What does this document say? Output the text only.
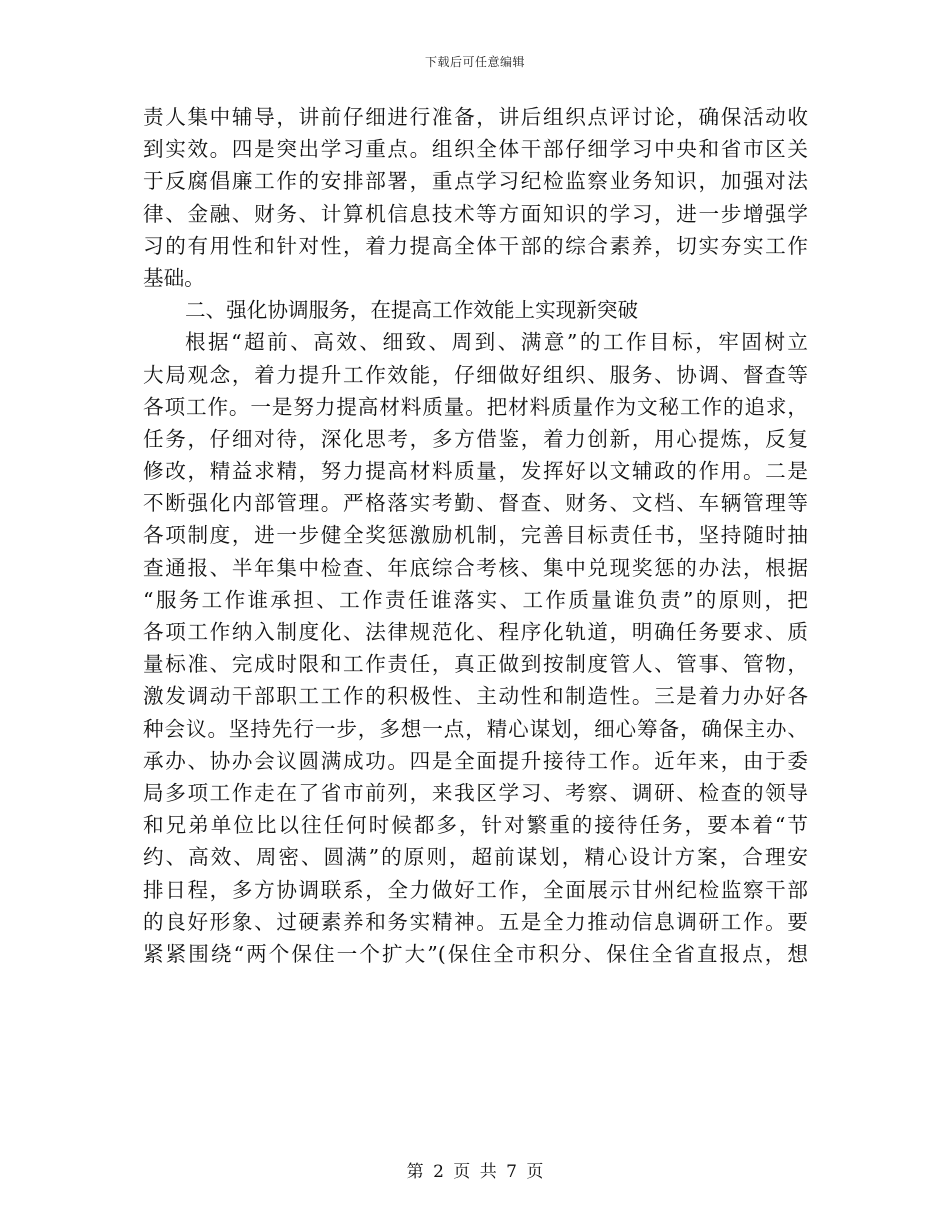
下载后可任意编辑
责人集中辅导，讲前仔细进行准备，讲后组织点评讨论，确保活动收
到实效。四是突出学习重点。组织全体干部仔细学习中央和省市区关
于反腐倡廉工作的安排部署，重点学习纪检监察业务知识，加强对法
律、金融、财务、计算机信息技术等方面知识的学习，进一步增强学
习的有用性和针对性，着力提高全体干部的综合素养，切实夯实工作
基础。
二、强化协调服务，在提高工作效能上实现新突破
根据“超前、高效、细致、周到、满意”的工作目标，牢固树立
大局观念，着力提升工作效能，仔细做好组织、服务、协调、督查等
各项工作。一是努力提高材料质量。把材料质量作为文秘工作的追求，
任务，仔细对待，深化思考，多方借鉴，着力创新，用心提炼，反复
修改，精益求精，努力提高材料质量，发挥好以文辅政的作用。二是
不断强化内部管理。严格落实考勤、督查、财务、文档、车辆管理等
各项制度，进一步健全奖惩激励机制，完善目标责任书，坚持随时抽
查通报、半年集中检查、年底综合考核、集中兑现奖惩的办法，根据
“服务工作谁承担、工作责任谁落实、工作质量谁负责”的原则，把
各项工作纳入制度化、法律规范化、程序化轨道，明确任务要求、质
量标准、完成时限和工作责任，真正做到按制度管人、管事、管物，
激发调动干部职工工作的积极性、主动性和制造性。三是着力办好各
种会议。坚持先行一步，多想一点，精心谋划，细心筹备，确保主办、
承办、协办会议圆满成功。四是全面提升接待工作。近年来，由于委
局多项工作走在了省市前列，来我区学习、考察、调研、检查的领导
和兄弟单位比以往任何时候都多，针对繁重的接待任务，要本着“节
约、高效、周密、圆满”的原则，超前谋划，精心设计方案，合理安
排日程，多方协调联系，全力做好工作，全面展示甘州纪检监察干部
的良好形象、过硬素养和务实精神。五是全力推动信息调研工作。要
紧紧围绕“两个保住一个扩大”(保住全市积分、保住全省直报点，想
第 2 页 共 7 页
